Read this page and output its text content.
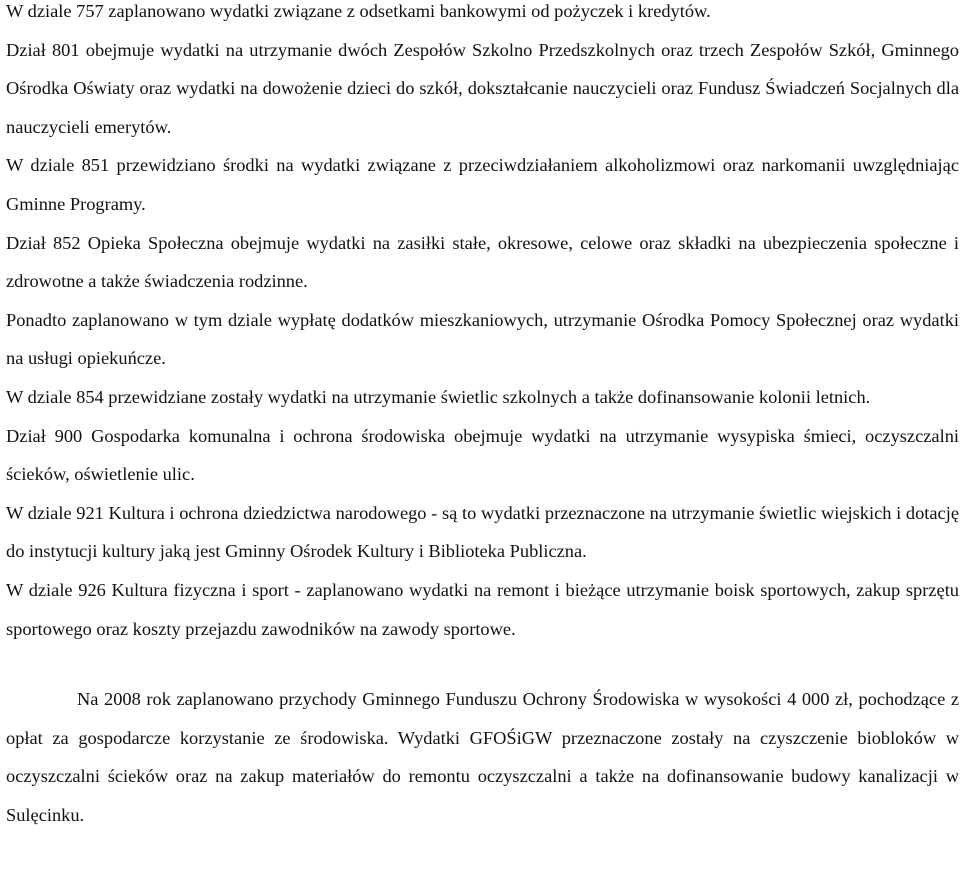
W dziale 757 zaplanowano wydatki związane z odsetkami bankowymi od pożyczek i kredytów.

Dział 801 obejmuje wydatki na utrzymanie dwóch Zespołów Szkolno Przedszkolnych oraz trzech Zespołów Szkół, Gminnego Ośrodka Oświaty oraz wydatki na dowożenie dzieci do szkół, dokształcanie nauczycieli oraz Fundusz Świadczeń Socjalnych dla nauczycieli emerytów.

W dziale 851 przewidziano środki na wydatki związane z przeciwdziałaniem alkoholizmowi oraz narkomanii uwzględniając Gminne Programy.

Dział 852 Opieka Społeczna obejmuje wydatki na zasiłki stałe, okresowe, celowe oraz składki na ubezpieczenia społeczne i zdrowotne a także świadczenia rodzinne.

Ponadto zaplanowano w tym dziale wypłatę dodatków mieszkaniowych, utrzymanie Ośrodka Pomocy Społecznej oraz wydatki na usługi opiekuńcze.

W dziale 854 przewidziane zostały wydatki na utrzymanie świetlic szkolnych a także dofinansowanie kolonii letnich.

Dział 900 Gospodarka komunalna i ochrona środowiska obejmuje wydatki na utrzymanie wysypiska śmieci, oczyszczalni ścieków, oświetlenie ulic.

W dziale 921 Kultura i ochrona dziedzictwa narodowego - są to wydatki przeznaczone na utrzymanie świetlic wiejskich i dotację do instytucji kultury jaką jest Gminny Ośrodek Kultury i Biblioteka Publiczna.

W dziale 926 Kultura fizyczna i sport - zaplanowano wydatki na remont i bieżące utrzymanie boisk sportowych, zakup sprzętu sportowego oraz koszty przejazdu zawodników na zawody sportowe.

Na 2008 rok zaplanowano przychody Gminnego Funduszu Ochrony Środowiska w wysokości 4 000 zł, pochodzące z opłat za gospodarcze korzystanie ze środowiska. Wydatki GFOŚiGW przeznaczone zostały na czyszczenie biobloków w oczyszczalni ścieków oraz na zakup materiałów do remontu oczyszczalni a także na dofinansowanie budowy kanalizacji w Sulęcinku.
